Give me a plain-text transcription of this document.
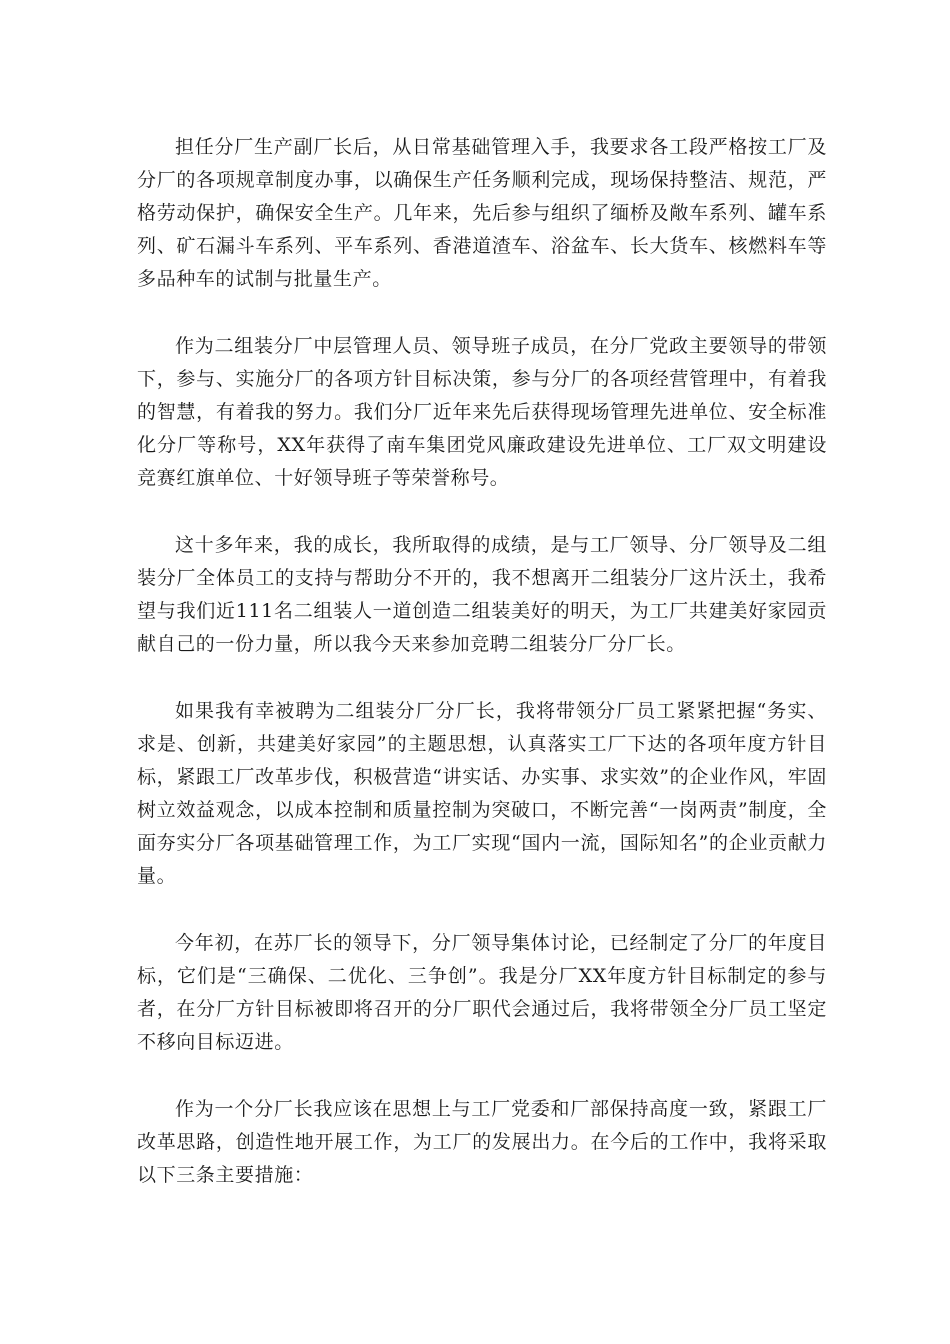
担任分厂生产副厂长后，从日常基础管理入手，我要求各工段严格按工厂及分厂的各项规章制度办事，以确保生产任务顺利完成，现场保持整洁、规范，严格劳动保护，确保安全生产。几年来，先后参与组织了缅桥及敞车系列、罐车系列、矿石漏斗车系列、平车系列、香港道渣车、浴盆车、长大货车、核燃料车等多品种车的试制与批量生产。

作为二组装分厂中层管理人员、领导班子成员，在分厂党政主要领导的带领下，参与、实施分厂的各项方针目标决策，参与分厂的各项经营管理中，有着我的智慧，有着我的努力。我们分厂近年来先后获得现场管理先进单位、安全标准化分厂等称号，XX年获得了南车集团党风廉政建设先进单位、工厂双文明建设竞赛红旗单位、十好领导班子等荣誉称号。

这十多年来，我的成长，我所取得的成绩，是与工厂领导、分厂领导及二组装分厂全体员工的支持与帮助分不开的，我不想离开二组装分厂这片沃土，我希望与我们近111名二组装人一道创造二组装美好的明天，为工厂共建美好家园贡献自己的一份力量，所以我今天来参加竞聘二组装分厂分厂长。

如果我有幸被聘为二组装分厂分厂长，我将带领分厂员工紧紧把握“务实、求是、创新，共建美好家园”的主题思想，认真落实工厂下达的各项年度方针目标，紧跟工厂改革步伐，积极营造“讲实话、办实事、求实效”的企业作风，牢固树立效益观念，以成本控制和质量控制为突破口，不断完善“一岗两责”制度，全面夯实分厂各项基础管理工作，为工厂实现“国内一流，国际知名”的企业贡献力量。

今年初，在苏厂长的领导下，分厂领导集体讨论，已经制定了分厂的年度目标，它们是“三确保、二优化、三争创”。我是分厂XX年度方针目标制定的参与者，在分厂方针目标被即将召开的分厂职代会通过后，我将带领全分厂员工坚定不移向目标迈进。

作为一个分厂长我应该在思想上与工厂党委和厂部保持高度一致，紧跟工厂改革思路，创造性地开展工作，为工厂的发展出力。在今后的工作中，我将采取以下三条主要措施：
